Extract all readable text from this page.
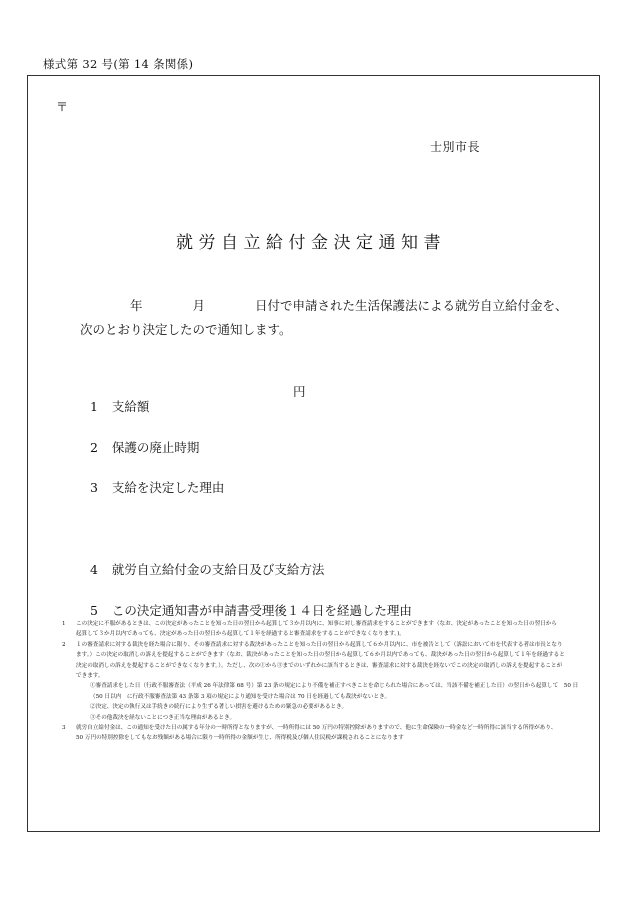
様式第 32 号(第 14 条関係)
〒
士別市長
就労自立給付金決定通知書
　　　　年　　　　月　　　　日付で申請された生活保護法による就労自立給付金を、
次のとおり決定したので通知します。

1 支給額

円

2 保護の廃止時期

3 支給を決定した理由

4 就労自立給付金の支給日及び支給方法

5 この決定通知書が申請書受理後１４日を経過した理由

1	この決定に不服があるときは、この決定があったことを知った日の翌日から起算して３か月以内に、知事に対し審査請求をすることができます（なお、決定があったことを知った日の翌日から
起算して３か月以内であっても、決定があった日の翌日から起算して１年を経過すると審査請求をすることができなくなります。)。
2	１の審査請求に対する裁決を経た場合に限り、その審査請求に対する裁決があったことを知った日の翌日から起算して６か月以内に、市を被告として（訴訟において市を代表する者は市長となり
ます。）この決定の取消しの訴えを提起することができます（なお、裁決があったことを知った日の翌日から起算して６か月以内であっても、裁決があった日の翌日から起算して１年を経過すると
決定の取消しの訴えを提起することができなくなります。）。ただし、次の①から③までのいずれかに該当するときは、審査請求に対する裁決を経ないでこの決定の取消しの訴えを提起することが
できます。
①審査請求をした日（行政不服審査法（平成 26 年法律第 68 号）第 23 条の規定により不備を補正すべきことを命じられた場合にあっては、当該不備を補正した日）の翌日から起算して　50 日
（50 日以内　に行政不服審査法第 43 条第 3 項の規定により通知を受けた場合は 70 日を経過しても裁決がないとき。
②決定、決定の執行又は手続きの続行により生ずる著しい損害を避けるための緊急の必要があるとき。
③その他裁決を経ないことにつき正当な理由があるとき。
3	就労自立給付金は、この通知を受けた日の属する年分の一時所得となりますが、一時所得には 50 万円の特別控除がありますので、他に生命保険の一時金など一時所得に該当する所得があり、
50 万円の特別控除をしてもなお残額がある場合に限り一時所得の金額が生じ、所得税及び個人住民税が課税されることになります
